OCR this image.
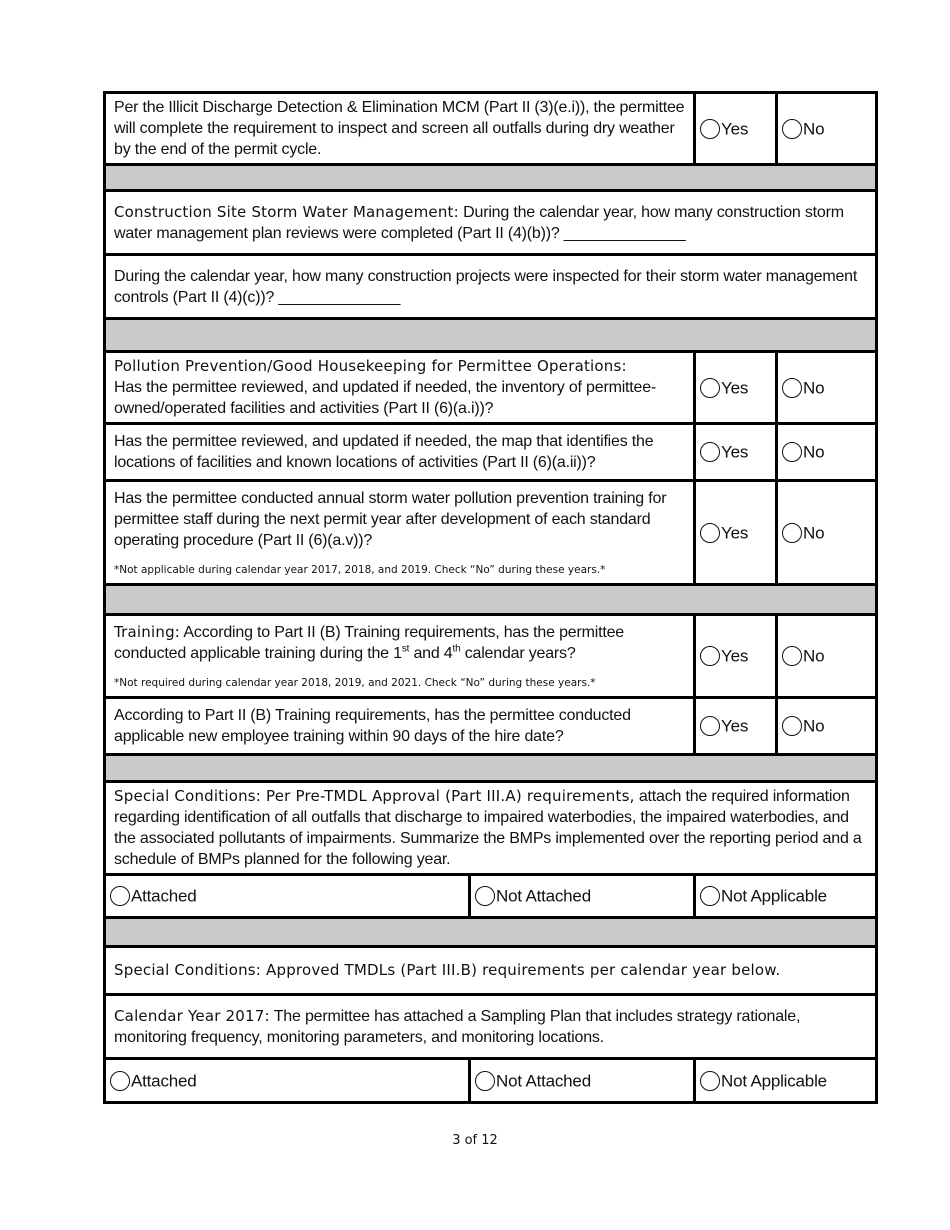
Per the Illicit Discharge Detection & Elimination MCM (Part II (3)(e.i)), the permittee will complete the requirement to inspect and screen all outfalls during dry weather by the end of the permit cycle.		Yes	No

Construction Site Storm Water Management: During the calendar year, how many construction storm water management plan reviews were completed (Part II (4)(b))? ______________			
During the calendar year, how many construction projects were inspected for their storm water management controls (Part II (4)(c))? ______________			

Pollution Prevention/Good Housekeeping for Permittee Operations:
Has the permittee reviewed, and updated if needed, the inventory of permittee-owned/operated facilities and activities (Part II (6)(a.i))?		Yes	No
Has the permittee reviewed, and updated if needed, the map that identifies the locations of facilities and known locations of activities (Part II (6)(a.ii))?		Yes	No
Has the permittee conducted annual storm water pollution prevention training for permittee staff during the next permit year after development of each standard operating procedure (Part II (6)(a.v))?
*Not applicable during calendar year 2017, 2018, and 2019. Check “No” during these years.*		Yes	No

Training: According to Part II (B) Training requirements, has the permittee conducted applicable training during the 1st and 4th calendar years?
*Not required during calendar year 2018, 2019, and 2021. Check “No” during these years.*		Yes	No
According to Part II (B) Training requirements, has the permittee conducted applicable new employee training within 90 days of the hire date?		Yes	No

Special Conditions: Per Pre-TMDL Approval (Part III.A) requirements, attach the required information regarding identification of all outfalls that discharge to impaired waterbodies, the impaired waterbodies, and the associated pollutants of impairments. Summarize the BMPs implemented over the reporting period and a schedule of BMPs planned for the following year.			
Attached	Not Attached	Not Applicable	

Special Conditions: Approved TMDLs (Part III.B) requirements per calendar year below.			
Calendar Year 2017: The permittee has attached a Sampling Plan that includes strategy rationale, monitoring frequency, monitoring parameters, and monitoring locations.			
Attached	Not Attached	Not Applicable	
3 of 12
